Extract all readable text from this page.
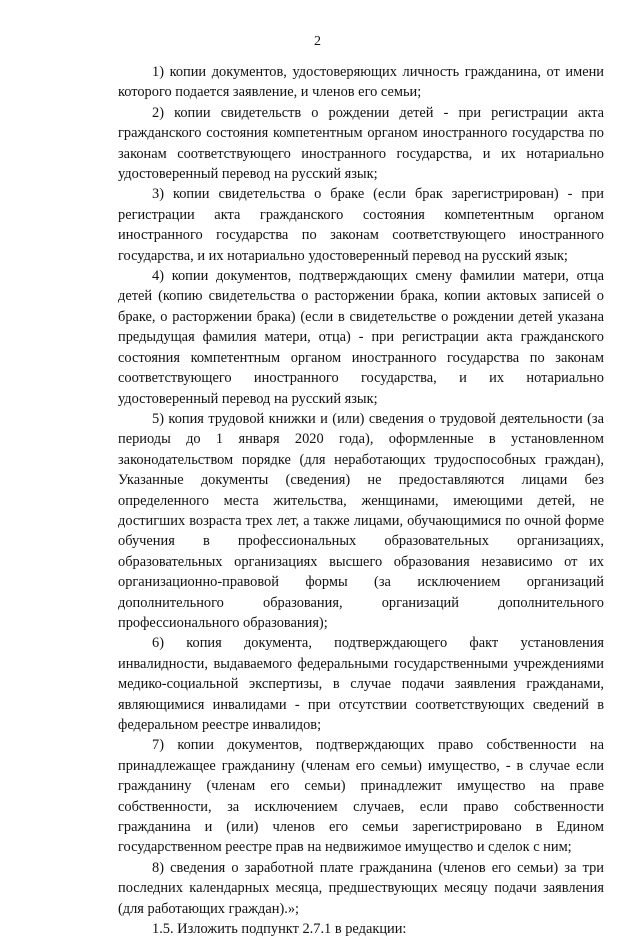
2

1) копии документов, удостоверяющих личность гражданина, от имени которого подается заявление, и членов его семьи;

2) копии свидетельств о рождении детей - при регистрации акта гражданского состояния компетентным органом иностранного государства по законам соответствующего иностранного государства, и их нотариально удостоверенный перевод на русский язык;

3) копии свидетельства о браке (если брак зарегистрирован) - при регистрации акта гражданского состояния компетентным органом иностранного государства по законам соответствующего иностранного государства, и их нотариально удостоверенный перевод на русский язык;

4) копии документов, подтверждающих смену фамилии матери, отца детей (копию свидетельства о расторжении брака, копии актовых записей о браке, о расторжении брака) (если в свидетельстве о рождении детей указана предыдущая фамилия матери, отца) - при регистрации акта гражданского состояния компетентным органом иностранного государства по законам соответствующего иностранного государства, и их нотариально удостоверенный перевод на русский язык;

5) копия трудовой книжки и (или) сведения о трудовой деятельности (за периоды до 1 января 2020 года), оформленные в установленном законодательством порядке (для неработающих трудоспособных граждан), Указанные документы (сведения) не предоставляются лицами без определенного места жительства, женщинами, имеющими детей, не достигших возраста трех лет, а также лицами, обучающимися по очной форме обучения в профессиональных образовательных организациях, образовательных организациях высшего образования независимо от их организационно-правовой формы (за исключением организаций дополнительного образования, организаций дополнительного профессионального образования);

6) копия документа, подтверждающего факт установления инвалидности, выдаваемого федеральными государственными учреждениями медико-социальной экспертизы, в случае подачи заявления гражданами, являющимися инвалидами - при отсутствии соответствующих сведений в федеральном реестре инвалидов;

7) копии документов, подтверждающих право собственности на принадлежащее гражданину (членам его семьи) имущество, - в случае если гражданину (членам его семьи) принадлежит имущество на праве собственности, за исключением случаев, если право собственности гражданина и (или) членов его семьи зарегистрировано в Едином государственном реестре прав на недвижимое имущество и сделок с ним;

8) сведения о заработной плате гражданина (членов его семьи) за три последних календарных месяца, предшествующих месяцу подачи заявления (для работающих граждан).»;

1.5. Изложить подпункт 2.7.1 в редакции:
